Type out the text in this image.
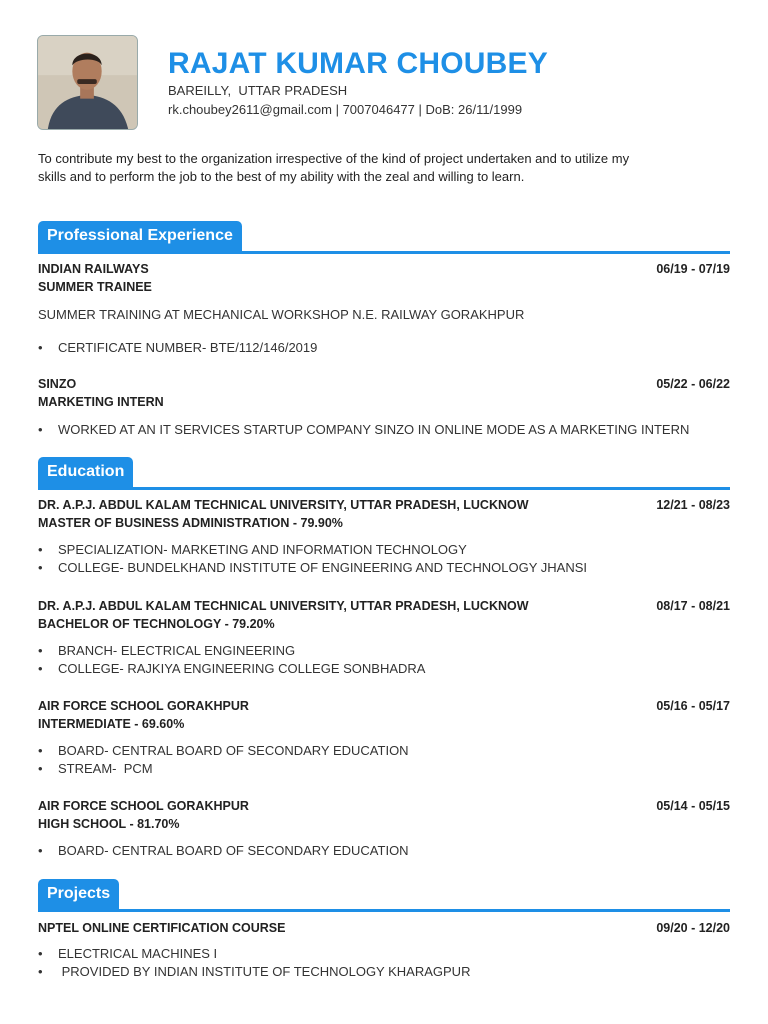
RAJAT KUMAR CHOUBEY
BAREILLY,  UTTAR PRADESH
rk.choubey2611@gmail.com | 7007046477 | DoB: 26/11/1999
To contribute my best to the organization irrespective of the kind of project undertaken and to utilize my skills and to perform the job to the best of my ability with the zeal and willing to learn.
Professional Experience
INDIAN RAILWAYS
SUMMER TRAINEE
06/19 - 07/19
SUMMER TRAINING AT MECHANICAL WORKSHOP N.E. RAILWAY GORAKHPUR
• CERTIFICATE NUMBER- BTE/112/146/2019
SINZO
MARKETING INTERN
05/22 - 06/22
• WORKED AT AN IT SERVICES STARTUP COMPANY SINZO IN ONLINE MODE AS A MARKETING INTERN
Education
DR. A.P.J. ABDUL KALAM TECHNICAL UNIVERSITY, UTTAR PRADESH, LUCKNOW
MASTER OF BUSINESS ADMINISTRATION - 79.90%
12/21 - 08/23
• SPECIALIZATION- MARKETING AND INFORMATION TECHNOLOGY
• COLLEGE- BUNDELKHAND INSTITUTE OF ENGINEERING AND TECHNOLOGY JHANSI
DR. A.P.J. ABDUL KALAM TECHNICAL UNIVERSITY, UTTAR PRADESH, LUCKNOW
BACHELOR OF TECHNOLOGY - 79.20%
08/17 - 08/21
• BRANCH- ELECTRICAL ENGINEERING
• COLLEGE- RAJKIYA ENGINEERING COLLEGE SONBHADRA
AIR FORCE SCHOOL GORAKHPUR
INTERMEDIATE - 69.60%
05/16 - 05/17
• BOARD- CENTRAL BOARD OF SECONDARY EDUCATION
• STREAM-  PCM
AIR FORCE SCHOOL GORAKHPUR
HIGH SCHOOL - 81.70%
05/14 - 05/15
• BOARD- CENTRAL BOARD OF SECONDARY EDUCATION
Projects
NPTEL ONLINE CERTIFICATION COURSE	09/20 - 12/20
• ELECTRICAL MACHINES I
• PROVIDED BY INDIAN INSTITUTE OF TECHNOLOGY KHARAGPUR
